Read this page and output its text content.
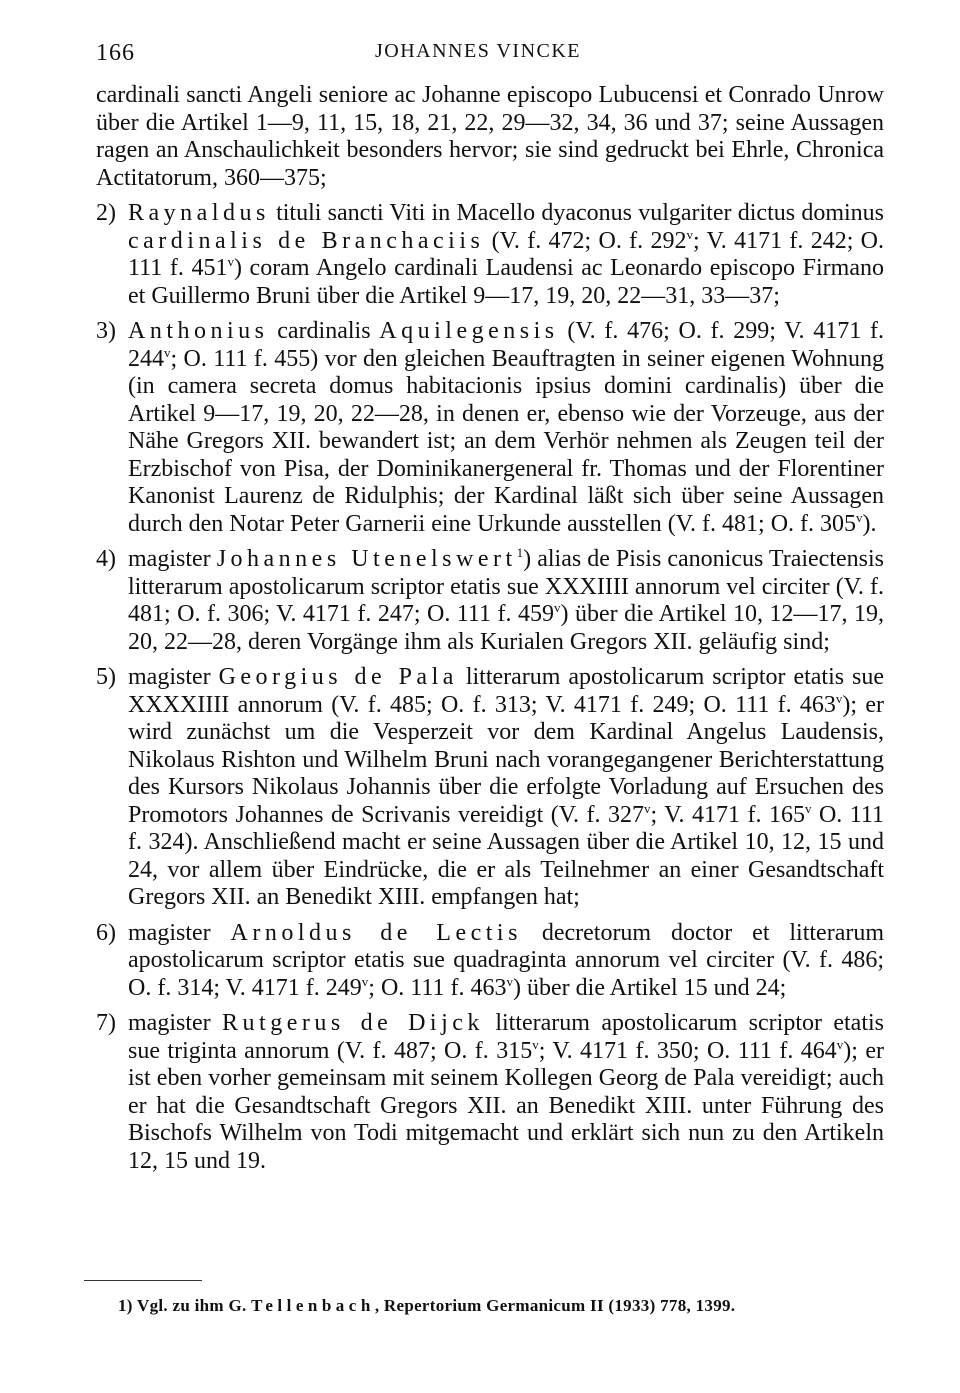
166	JOHANNES VINCKE

cardinali sancti Angeli seniore ac Johanne episcopo Lubucensi et Conrado Unrow über die Artikel 1—9, 11, 15, 18, 21, 22, 29—32, 34, 36 und 37; seine Aussagen ragen an Anschaulichkeit besonders hervor; sie sind gedruckt bei Ehrle, Chronica Actitatorum, 360—375;

2) Raynaldus tituli sancti Viti in Macello dyaconus vulgariter dictus dominus cardinalis de Branchaciis (V. f. 472; O. f. 292$^v$; V. 4171 f. 242; O. 111 f. 451$^v$) coram Angelo cardinali Laudensi ac Leonardo episcopo Firmano et Guillermo Bruni über die Artikel 9—17, 19, 20, 22—31, 33—37;

3) Anthonius cardinalis Aquilegensis (V. f. 476; O. f. 299; V. 4171 f. 244$^v$; O. 111 f. 455) vor den gleichen Beauftragten in seiner eigenen Wohnung (in camera secreta domus habitacionis ipsius domini cardinalis) über die Artikel 9—17, 19, 20, 22—28, in denen er, ebenso wie der Vorzeuge, aus der Nähe Gregors XII. bewandert ist; an dem Verhör nehmen als Zeugen teil der Erzbischof von Pisa, der Dominikanergeneral fr. Thomas und der Florentiner Kanonist Laurenz de Ridulphis; der Kardinal läßt sich über seine Aussagen durch den Notar Peter Garnerii eine Urkunde ausstellen (V. f. 481; O. f. 305$^v$).

4) magister Johannes Utenelswert$^1$) alias de Pisis canonicus Traiectensis litterarum apostolicarum scriptor etatis sue XXXIIII annorum vel circiter (V. f. 481; O. f. 306; V. 4171 f. 247; O. 111 f. 459$^v$) über die Artikel 10, 12—17, 19, 20, 22—28, deren Vorgänge ihm als Kurialen Gregors XII. geläufig sind;

5) magister Georgius de Pala litterarum apostolicarum scriptor etatis sue XXXXIIII annorum (V. f. 485; O. f. 313; V. 4171 f. 249; O. 111 f. 463$^v$); er wird zunächst um die Vesperzeit vor dem Kardinal Angelus Laudensis, Nikolaus Rishton und Wilhelm Bruni nach vorangegangener Berichterstattung des Kursors Nikolaus Johannis über die erfolgte Vorladung auf Ersuchen des Promotors Johannes de Scrivanis vereidigt (V. f. 327$^v$; V. 4171 f. 165$^v$ O. 111 f. 324). Anschließend macht er seine Aussagen über die Artikel 10, 12, 15 und 24, vor allem über Eindrücke, die er als Teilnehmer an einer Gesandtschaft Gregors XII. an Benedikt XIII. empfangen hat;

6) magister Arnoldus de Lectis decretorum doctor et litterarum apostolicarum scriptor etatis sue quadraginta annorum vel circiter (V. f. 486; O. f. 314; V. 4171 f. 249$^v$; O. 111 f. 463$^v$) über die Artikel 15 und 24;

7) magister Rutgerus de Dijck litterarum apostolicarum scriptor etatis sue triginta annorum (V. f. 487; O. f. 315$^v$; V. 4171 f. 350; O. 111 f. 464$^v$); er ist eben vorher gemeinsam mit seinem Kollegen Georg de Pala vereidigt; auch er hat die Gesandtschaft Gregors XII. an Benedikt XIII. unter Führung des Bischofs Wilhelm von Todi mitgemacht und erklärt sich nun zu den Artikeln 12, 15 und 19.

1) Vgl. zu ihm G. Tellenbach, Repertorium Germanicum II (1933) 778, 1399.
